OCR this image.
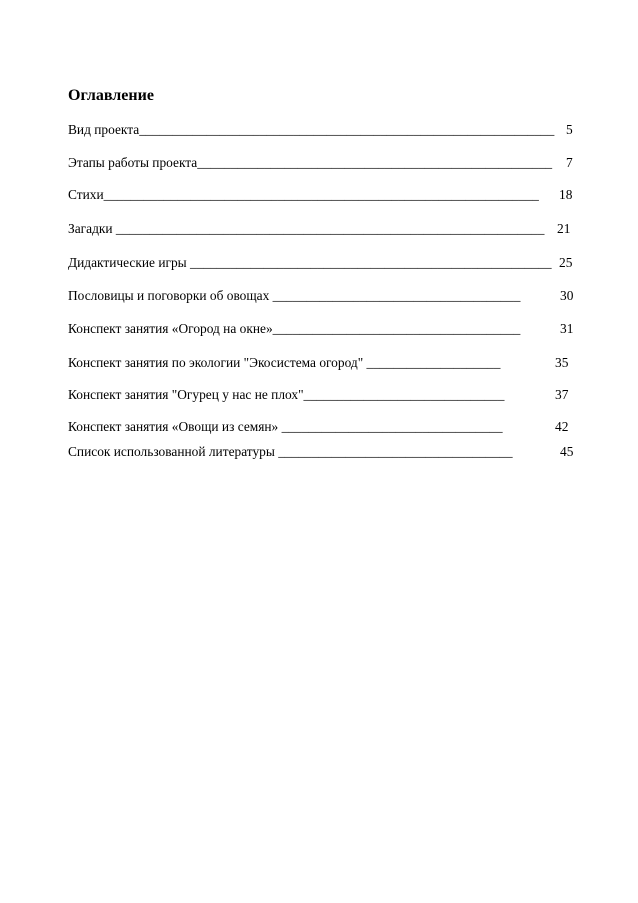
Оглавление
Вид проекта______________________________________________________________ 5
Этапы работы проекта_____________________________________________________ 7
Стихи_________________________________________________________________ 18
Загадки ________________________________________________________________ 21
Дидактические игры ______________________________________________________ 25
Пословицы и поговорки об овощах _____________________________________	30
Конспект занятия «Огород на окне»_____________________________________	31
Конспект занятия по экологии "Экосистема огород" ____________________	35
Конспект занятия "Огурец у нас не плох"______________________________	37
Конспект занятия «Овощи из семян» _________________________________	42
Список использованной литературы ___________________________________	45
